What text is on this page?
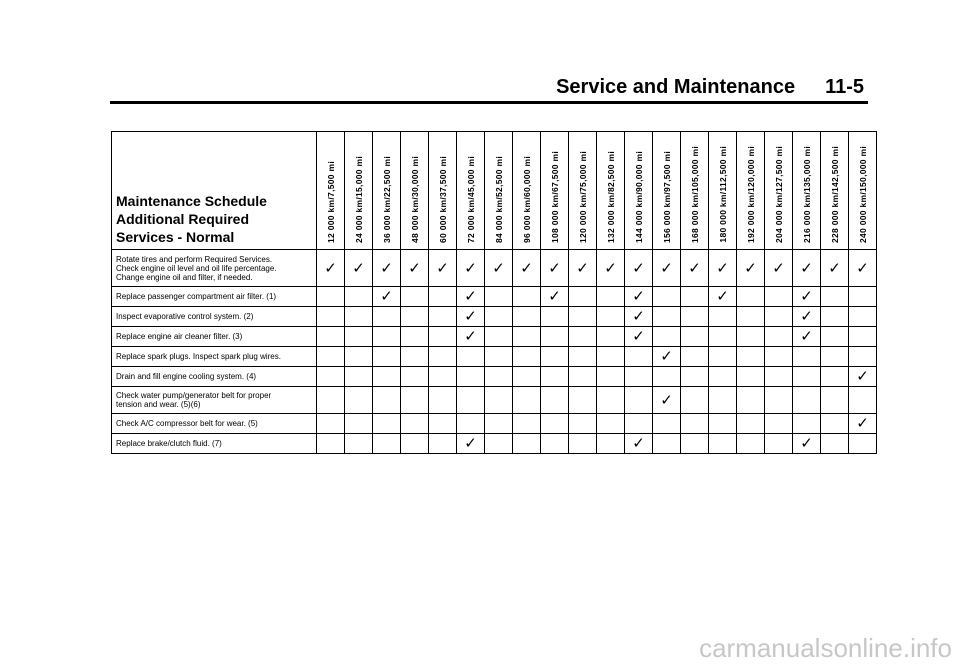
Service and Maintenance 11-5
Maintenance Schedule
Additional Required
Services - Normal	12 000 km/7,500 mi	24 000 km/15,000 mi	36 000 km/22,500 mi	48 000 km/30,000 mi	60 000 km/37,500 mi	72 000 km/45,000 mi	84 000 km/52,500 mi	96 000 km/60,000 mi	108 000 km/67,500 mi	120 000 km/75,000 mi	132 000 km/82,500 mi	144 000 km/90,000 mi	156 000 km/97,500 mi	168 000 km/105,000 mi	180 000 km/112,500 mi	192 000 km/120,000 mi	204 000 km/127,500 mi	216 000 km/135,000 mi	228 000 km/142,500 mi	240 000 km/150,000 mi

Rotate tires and perform Required Services.
Check engine oil level and oil life percentage.
Change engine oil and filter, if needed.	✓	✓	✓	✓	✓	✓	✓	✓	✓	✓	✓	✓	✓	✓	✓	✓	✓	✓	✓	✓

Replace passenger compartment air filter. (1)			✓			✓			✓			✓			✓			✓		

Inspect evaporative control system. (2)						✓						✓						✓		

Replace engine air cleaner filter. (3)						✓						✓						✓		

Replace spark plugs. Inspect spark plug wires.													✓							

Drain and fill engine cooling system. (4)																				✓

Check water pump/generator belt for proper
tension and wear. (5)(6)													✓							

Check A/C compressor belt for wear. (5)																				✓

Replace brake/clutch fluid. (7)						✓						✓						✓		
carmanualsonline.info
